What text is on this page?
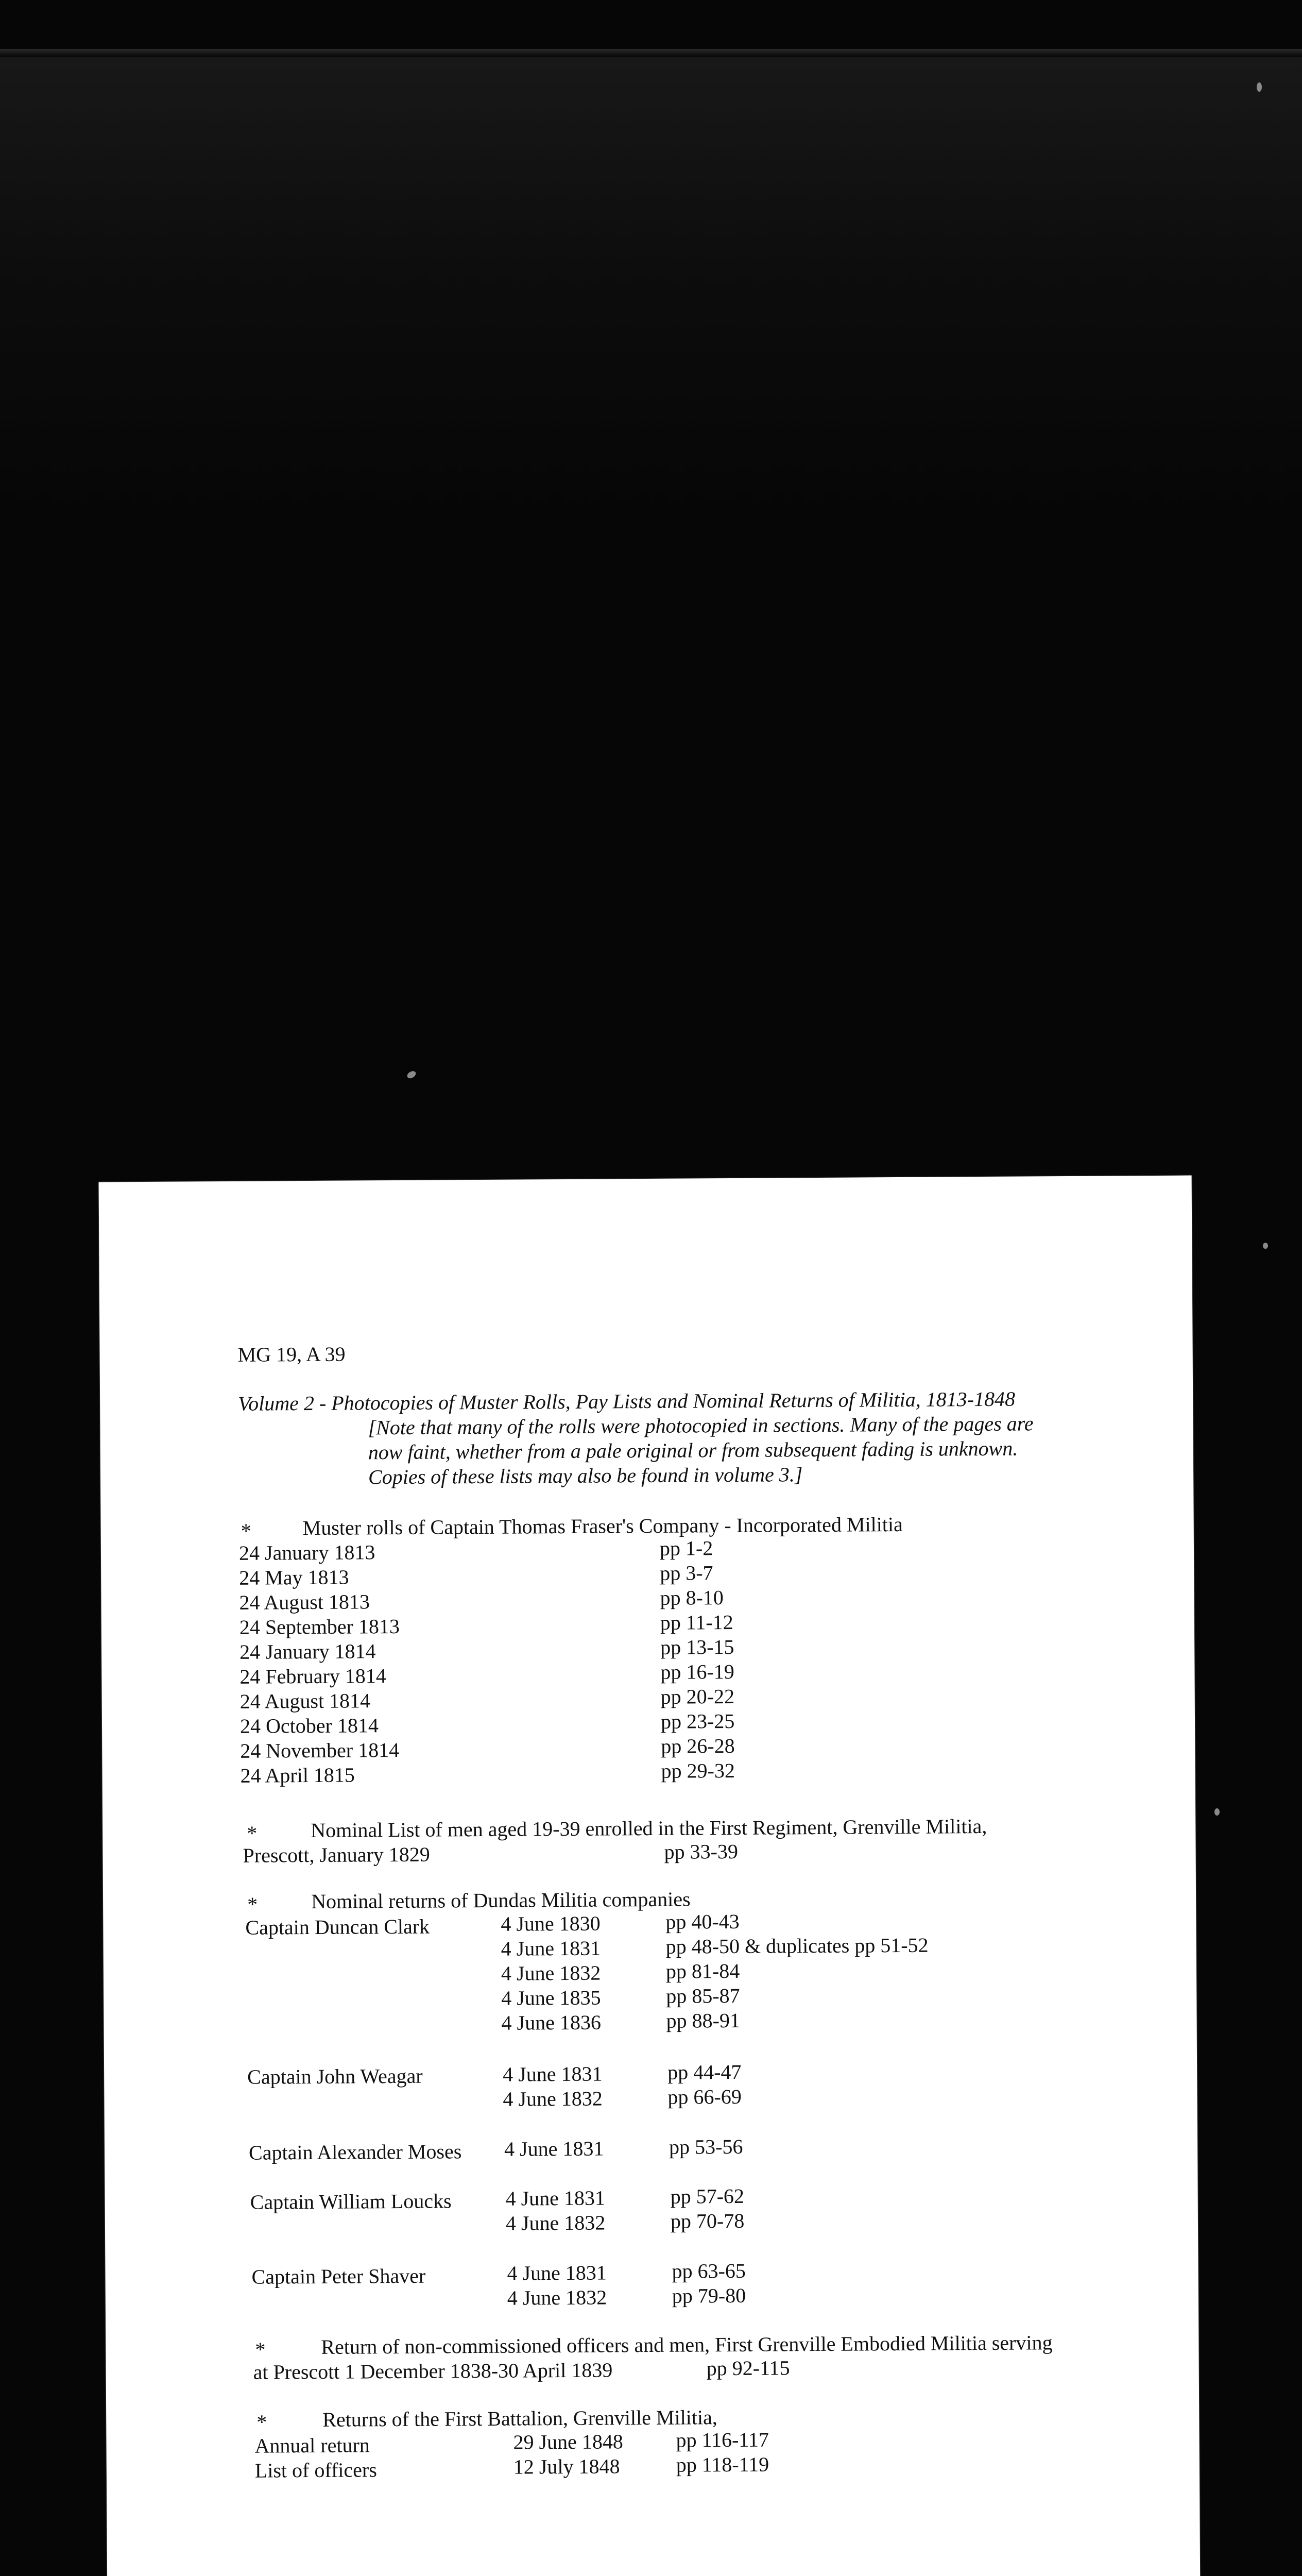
MG 19, A 39
Volume 2 - Photocopies of Muster Rolls, Pay Lists and Nominal Returns of Militia, 1813-1848
[Note that many of the rolls were photocopied in sections. Many of the pages are
now faint, whether from a pale original or from subsequent fading is unknown.
Copies of these lists may also be found in volume 3.]
* Muster rolls of Captain Thomas Fraser's Company - Incorporated Militia
24 January 1813	pp 1-2
24 May 1813	pp 3-7
24 August 1813	pp 8-10
24 September 1813	pp 11-12
24 January 1814	pp 13-15
24 February 1814	pp 16-19
24 August 1814	pp 20-22
24 October 1814	pp 23-25
24 November 1814	pp 26-28
24 April 1815	pp 29-32
*	Nominal List of men aged 19-39 enrolled in the First Regiment, Grenville Militia,
Prescott, January 1829	pp 33-39
*	Nominal returns of Dundas Militia companies
Captain Duncan Clark	4 June 1830	pp 40-43
4 June 1831	pp 48-50 & duplicates pp 51-52
4 June 1832	pp 81-84
4 June 1835	pp 85-87
4 June 1836	pp 88-91
Captain John Weagar	4 June 1831	pp 44-47
4 June 1832	pp 66-69
Captain Alexander Moses 4 June 1831	pp 53-56
Captain William Loucks	4 June 1831	pp 57-62
4 June 1832	pp 70-78
Captain Peter Shaver	4 June 1831	pp 63-65
4 June 1832	pp 79-80
*	Return of non-commissioned officers and men, First Grenville Embodied Militia serving
at Prescott 1 December 1838-30 April 1839	pp 92-115
*	Returns of the First Battalion, Grenville Militia,
Annual return	29 June 1848	pp 116-117
List of officers	12 July 1848	pp 118-119
